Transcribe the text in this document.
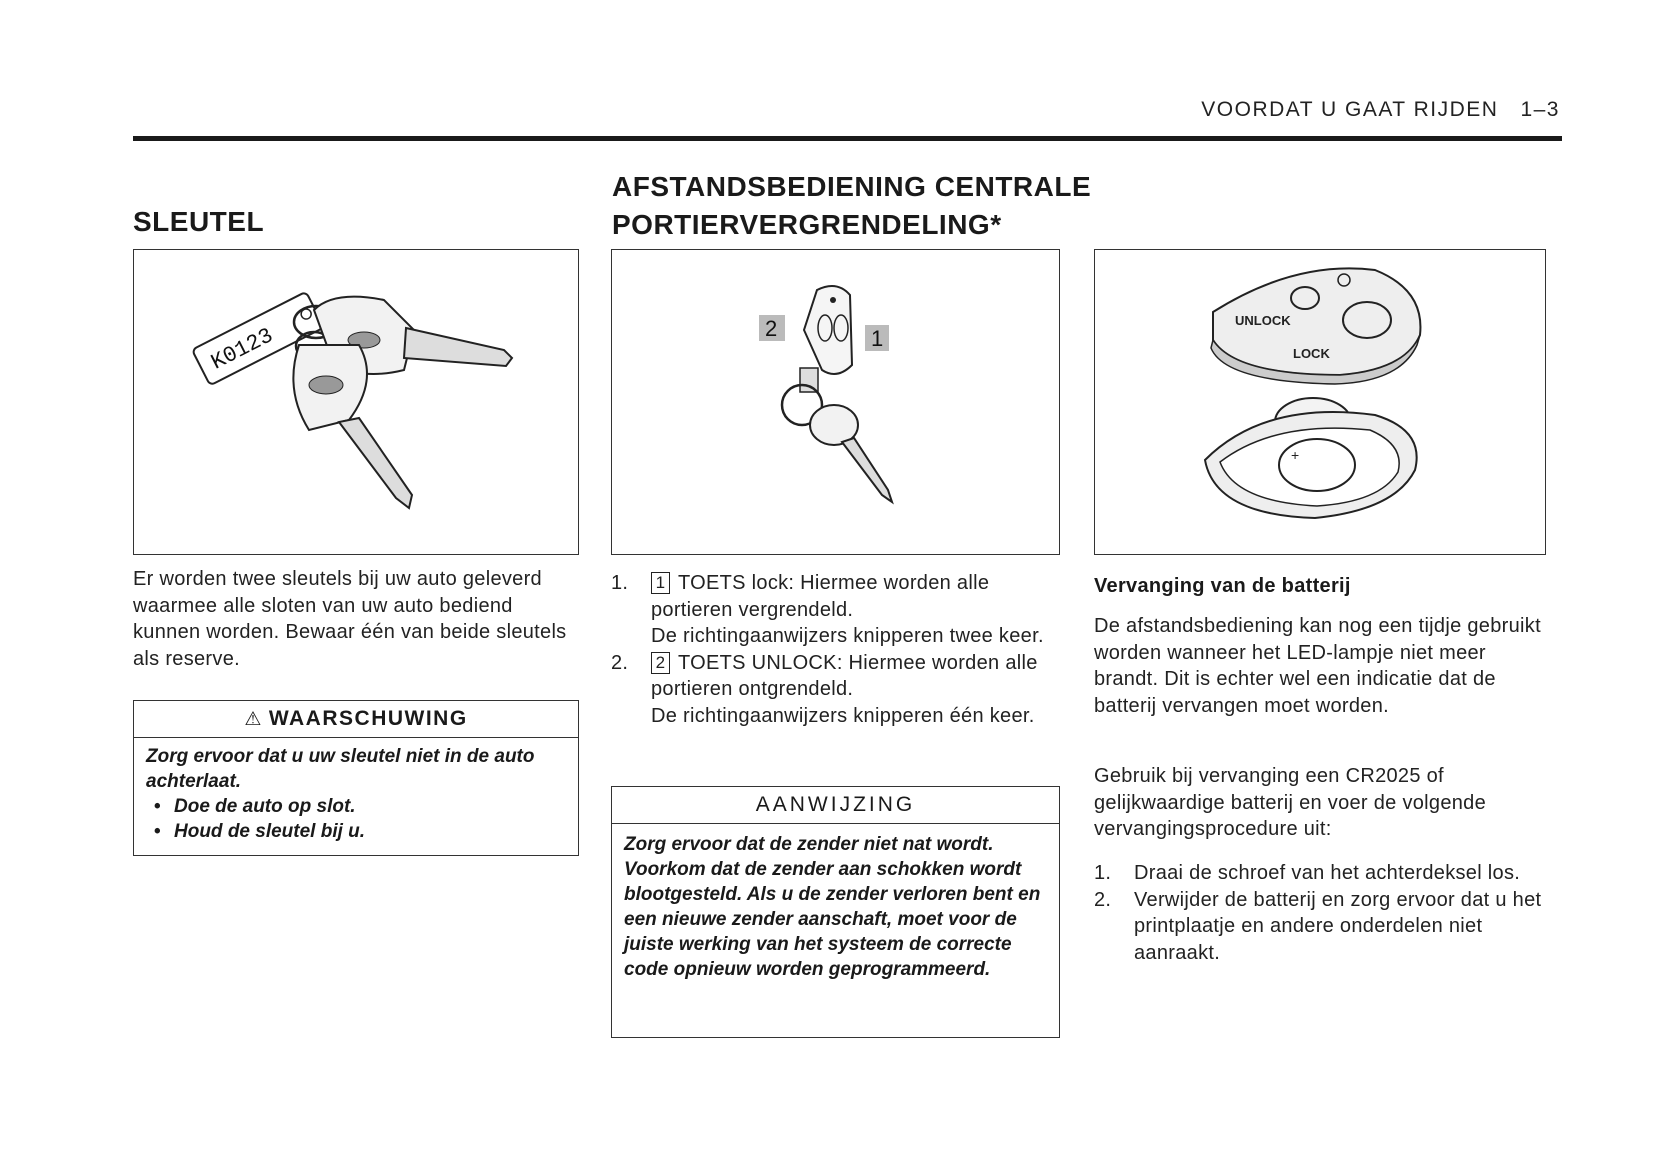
VOORDAT U GAAT RIJDEN 1–3
SLEUTEL
K0123
Er worden twee sleutels bij uw auto geleverd waarmee alle sloten van uw auto bediend kunnen worden. Bewaar één van beide sleutels als reserve.
⚠ WAARSCHUWING
Zorg ervoor dat u uw sleutel niet in de auto achterlaat.
• Doe de auto op slot.
• Houd de sleutel bij u.
AFSTANDSBEDIENING CENTRALE
PORTIERVERGRENDELING*
2	1
1. 1 TOETS lock: Hiermee worden alle portieren vergrendeld.
De richtingaanwijzers knipperen twee keer.
2. 2 TOETS UNLOCK: Hiermee worden alle portieren ontgrendeld.
De richtingaanwijzers knipperen één keer.
AANWIJZING
Zorg ervoor dat de zender niet nat wordt. Voorkom dat de zender aan schokken wordt blootgesteld. Als u de zender verloren bent en een nieuwe zender aanschaft, moet voor de juiste werking van het systeem de correcte code opnieuw worden geprogrammeerd.
UNLOCK
LOCK
+
Vervanging van de batterij
De afstandsbediening kan nog een tijdje gebruikt worden wanneer het LED-lampje niet meer brandt. Dit is echter wel een indicatie dat de batterij vervangen moet worden.
Gebruik bij vervanging een CR2025 of gelijkwaardige batterij en voer de volgende vervangingsprocedure uit:
1. Draai de schroef van het achterdeksel los.
2. Verwijder de batterij en zorg ervoor dat u het printplaatje en andere onderdelen niet aanraakt.
